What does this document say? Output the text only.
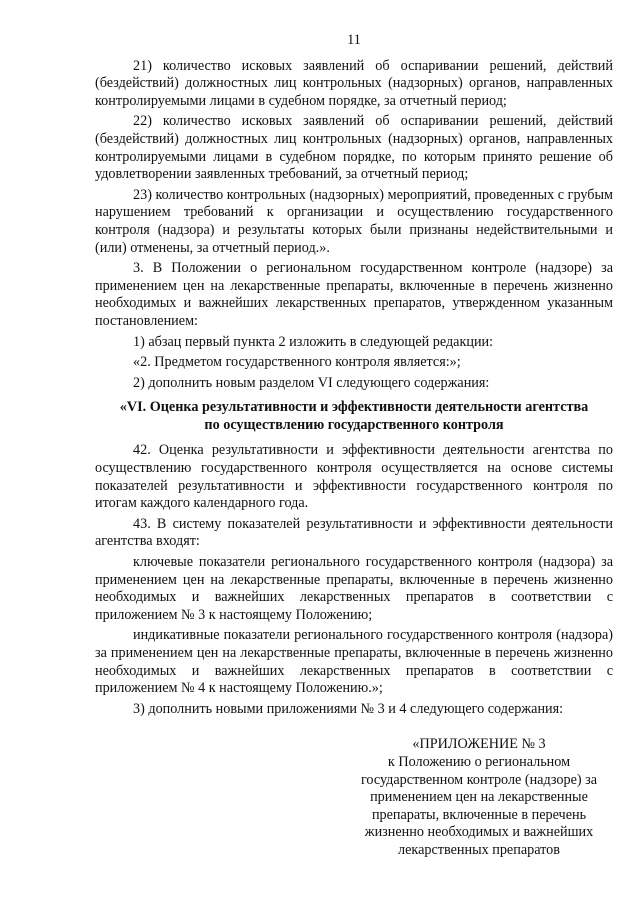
11

21) количество исковых заявлений об оспаривании решений, действий (бездействий) должностных лиц контрольных (надзорных) органов, направленных контролируемыми лицами в судебном порядке, за отчетный период;

22) количество исковых заявлений об оспаривании решений, действий (бездействий) должностных лиц контрольных (надзорных) органов, направленных контролируемыми лицами в судебном порядке, по которым принято решение об удовлетворении заявленных требований, за отчетный период;

23) количество контрольных (надзорных) мероприятий, проведенных с грубым нарушением требований к организации и осуществлению государственного контроля (надзора) и результаты которых были признаны недействительными и (или) отменены, за отчетный период.».

3. В Положении о региональном государственном контроле (надзоре) за применением цен на лекарственные препараты, включенные в перечень жизненно необходимых и важнейших лекарственных препаратов, утвержденном указанным постановлением:

1) абзац первый пункта 2 изложить в следующей редакции:

«2. Предметом государственного контроля является:»;

2) дополнить новым разделом VI следующего содержания:

«VI. Оценка результативности и эффективности деятельности агентства по осуществлению государственного контроля

42. Оценка результативности и эффективности деятельности агентства по осуществлению государственного контроля осуществляется на основе системы показателей результативности и эффективности государственного контроля по итогам каждого календарного года.

43. В систему показателей результативности и эффективности деятельности агентства входят:

ключевые показатели регионального государственного контроля (надзора) за применением цен на лекарственные препараты, включенные в перечень жизненно необходимых и важнейших лекарственных препаратов в соответствии с приложением № 3 к настоящему Положению;

индикативные показатели регионального государственного контроля (надзора) за применением цен на лекарственные препараты, включенные в перечень жизненно необходимых и важнейших лекарственных препаратов в соответствии с приложением № 4 к настоящему Положению.»;

3) дополнить новыми приложениями № 3 и 4 следующего содержания:

«ПРИЛОЖЕНИЕ № 3
к Положению о региональном государственном контроле (надзоре) за применением цен на лекарственные препараты, включенные в перечень жизненно необходимых и важнейших лекарственных препаратов
